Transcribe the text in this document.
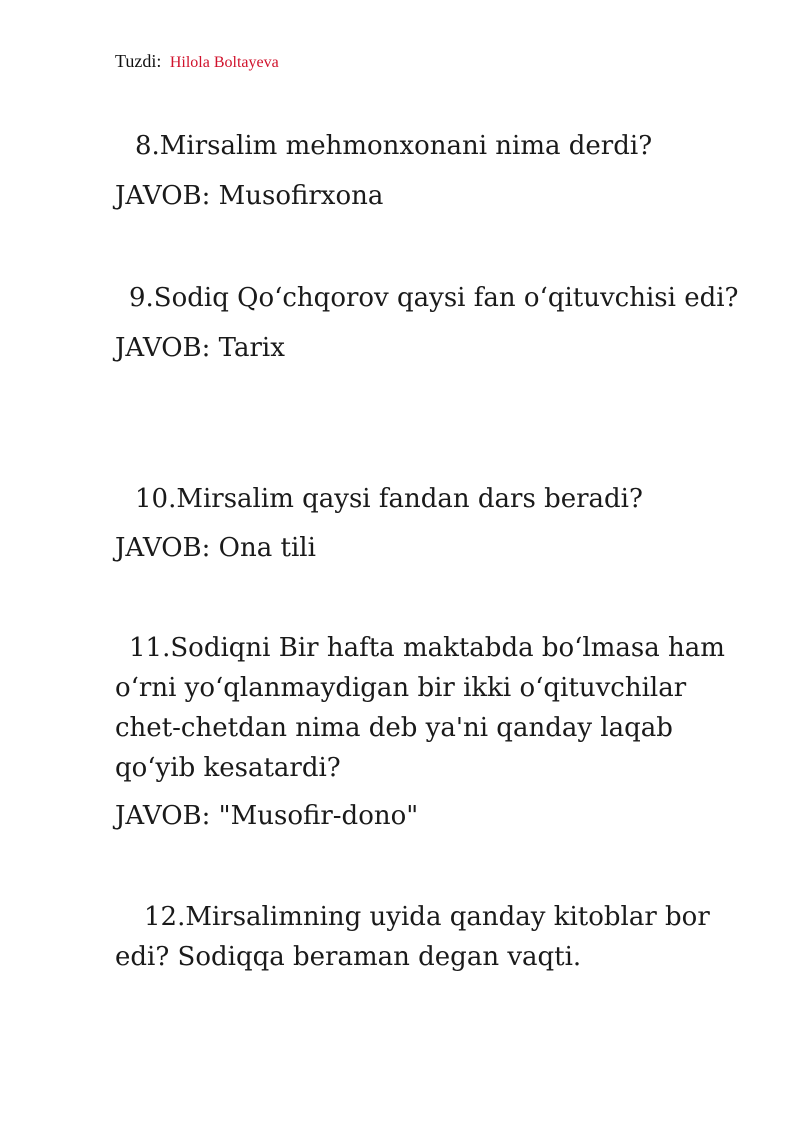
Tuzdi: Hilola Boltayeva
8.Mirsalim mehmonxonani nima derdi?
JAVOB: Musofirxona
9.Sodiq Qo‘chqorov qaysi fan o‘qituvchisi edi?
JAVOB: Tarix
10.Mirsalim qaysi fandan dars beradi?
JAVOB: Ona tili
11.Sodiqni Bir hafta maktabda bo‘lmasa ham
o‘rni yo‘qlanmaydigan bir ikki o‘qituvchilar
chet-chetdan nima deb ya'ni qanday laqab
qo‘yib kesatardi?
JAVOB: "Musofir-dono"
12.Mirsalimning uyida qanday kitoblar bor
edi? Sodiqqa beraman degan vaqti.
